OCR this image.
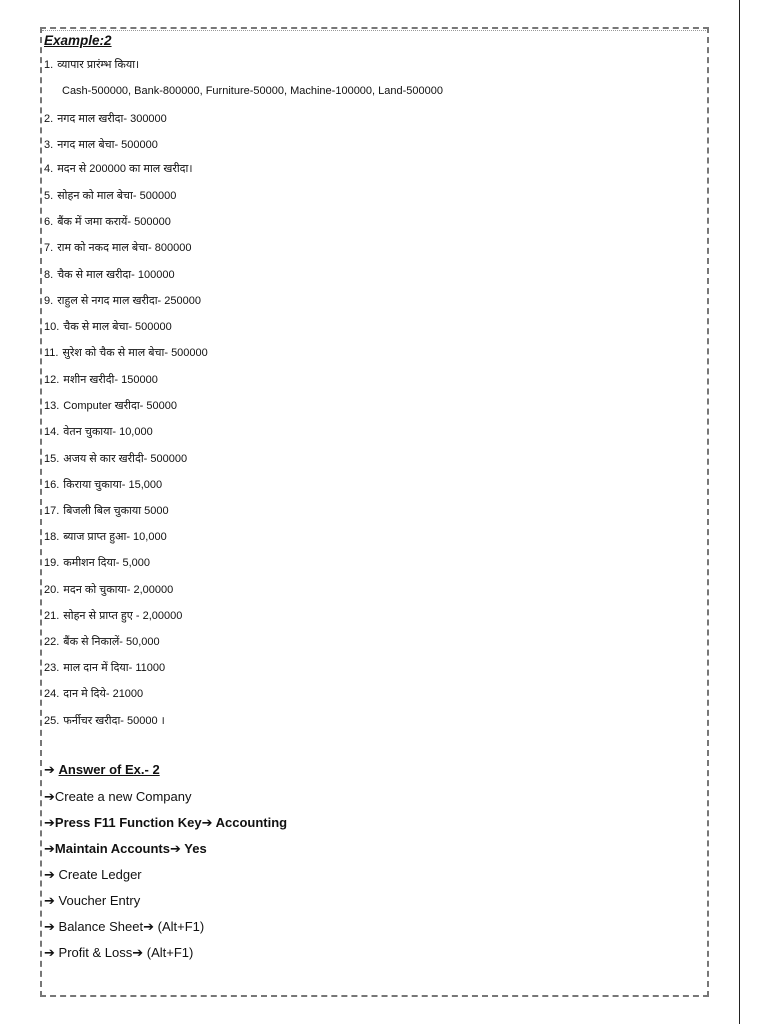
Example:2
1. व्यापार प्रारंम्भ किया।
2. नगद माल खरीदा- 300000
3. नगद माल बेचा- 500000
4. मदन से 200000 का माल खरीदा।
5. सोहन को माल बेचा- 500000
6. बैंक में जमा करायें- 500000
7. राम को नकद माल बेचा- 800000
8. चैक से माल खरीदा- 100000
9. राहुल से नगद माल खरीदा- 250000
10. चैक से माल बेचा- 500000
11. सुरेश को चैक से माल बेचा- 500000
12. मशीन खरीदी- 150000
13. Computer खरीदा- 50000
14. वेतन चुकाया- 10,000
15. अजय से कार खरीदी- 500000
16. किराया चुकाया- 15,000
17. बिजली बिल चुकाया 5000
18. ब्याज प्राप्त हुआ- 10,000
19. कमीशन दिया- 5,000
20. मदन को चुकाया- 2,00000
21. सोहन से प्राप्त हुए - 2,00000
22. बैंक से निकालें- 50,000
23. माल दान में दिया- 11000
24. दान मे दिये- 21000
25. फर्नीचर खरीदा- 50000 ।
Cash-500000, Bank-800000, Furniture-50000, Machine-100000, Land-500000
➔ Answer of Ex.- 2
➔Create a new Company
➔Press F11 Function Key➔ Accounting
➔Maintain Accounts➔ Yes
➔ Create Ledger
➔ Voucher Entry
➔ Balance Sheet➔ (Alt+F1)
➔ Profit & Loss➔ (Alt+F1)
